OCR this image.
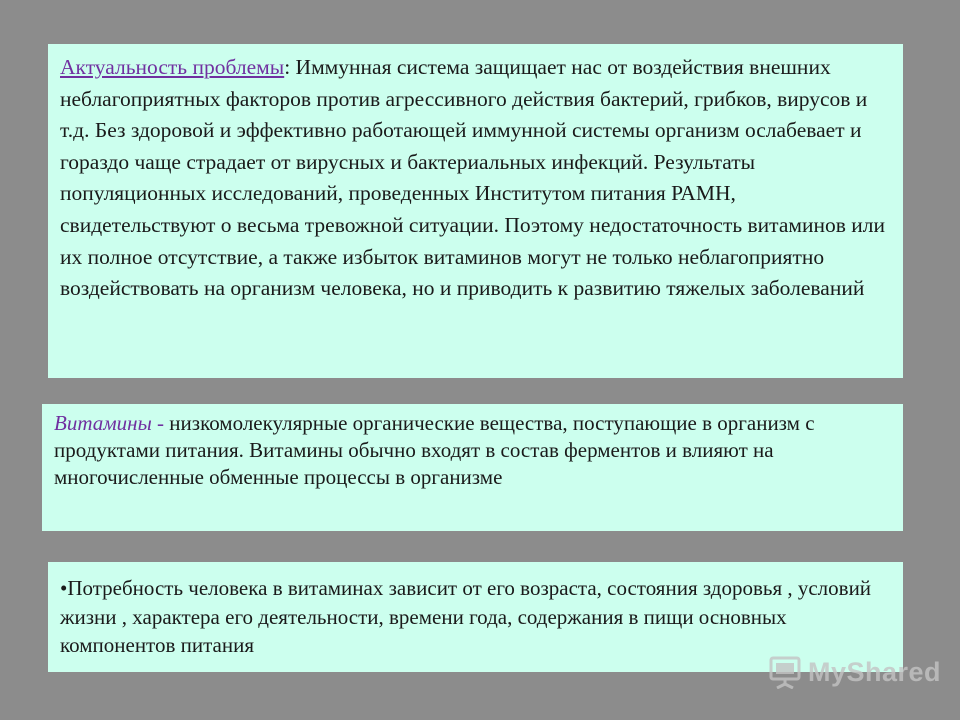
Актуальность проблемы: Иммунная система защищает нас от воздействия внешних неблагоприятных факторов против агрессивного действия бактерий, грибков, вирусов и т.д. Без здоровой и эффективно работающей иммунной системы организм ослабевает и гораздо чаще страдает от вирусных и бактериальных инфекций. Результаты популяционных исследований, проведенных Институтом питания РАМН, свидетельствуют о весьма тревожной ситуации. Поэтому недостаточность витаминов или их полное отсутствие, а также избыток витаминов могут не только неблагоприятно воздействовать на организм человека, но и приводить к развитию тяжелых заболеваний
Витамины - низкомолекулярные органические вещества, поступающие в организм с продуктами питания. Витамины обычно входят в состав ферментов и влияют на многочисленные обменные процессы в организме
•Потребность человека в витаминах зависит от его возраста, состояния здоровья , условий жизни , характера его деятельности, времени года, содержания в пищи основных компонентов питания
MyShared
